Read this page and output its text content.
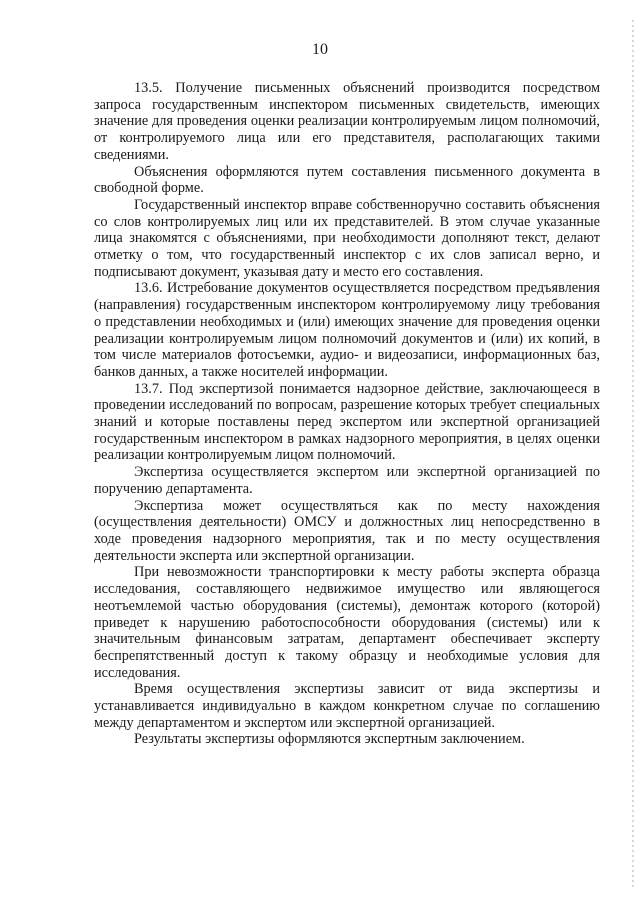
10

13.5. Получение письменных объяснений производится посредством запроса государственным инспектором письменных свидетельств, имеющих значение для проведения оценки реализации контролируемым лицом полномочий, от контролируемого лица или его представителя, располагающих такими сведениями.

Объяснения оформляются путем составления письменного документа в свободной форме.

Государственный инспектор вправе собственноручно составить объяснения со слов контролируемых лиц или их представителей. В этом случае указанные лица знакомятся с объяснениями, при необходимости дополняют текст, делают отметку о том, что государственный инспектор с их слов записал верно, и подписывают документ, указывая дату и место его составления.

13.6. Истребование документов осуществляется посредством предъявления (направления) государственным инспектором контролируемому лицу требования о представлении необходимых и (или) имеющих значение для проведения оценки реализации контролируемым лицом полномочий документов и (или) их копий, в том числе материалов фотосъемки, аудио- и видеозаписи, информационных баз, банков данных, а также носителей информации.

13.7. Под экспертизой понимается надзорное действие, заключающееся в проведении исследований по вопросам, разрешение которых требует специальных знаний и которые поставлены перед экспертом или экспертной организацией государственным инспектором в рамках надзорного мероприятия, в целях оценки реализации контролируемым лицом полномочий.

Экспертиза осуществляется экспертом или экспертной организацией по поручению департамента.

Экспертиза может осуществляться как по месту нахождения (осуществления деятельности) ОМСУ и должностных лиц непосредственно в ходе проведения надзорного мероприятия, так и по месту осуществления деятельности эксперта или экспертной организации.

При невозможности транспортировки к месту работы эксперта образца исследования, составляющего недвижимое имущество или являющегося неотъемлемой частью оборудования (системы), демонтаж которого (которой) приведет к нарушению работоспособности оборудования (системы) или к значительным финансовым затратам, департамент обеспечивает эксперту беспрепятственный доступ к такому образцу и необходимые условия для исследования.

Время осуществления экспертизы зависит от вида экспертизы и устанавливается индивидуально в каждом конкретном случае по соглашению между департаментом и экспертом или экспертной организацией.

Результаты экспертизы оформляются экспертным заключением.
